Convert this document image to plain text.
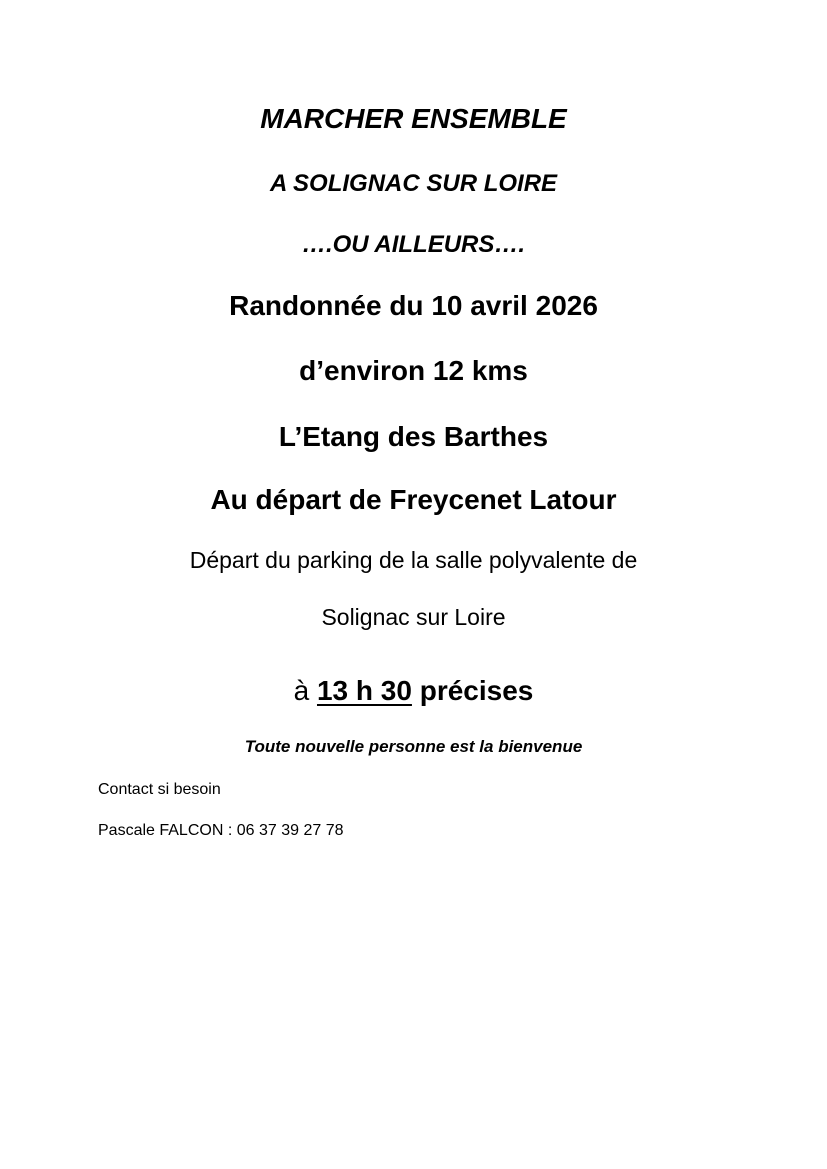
MARCHER ENSEMBLE
A SOLIGNAC SUR LOIRE
….OU AILLEURS….
Randonnée du 10 avril 2026
d’environ 12 kms
L’Etang des Barthes
Au départ de Freycenet Latour
Départ du parking de la salle polyvalente de
Solignac sur Loire
à 13 h 30 précises
Toute nouvelle personne est la bienvenue
Contact si besoin
Pascale FALCON : 06 37 39 27 78
